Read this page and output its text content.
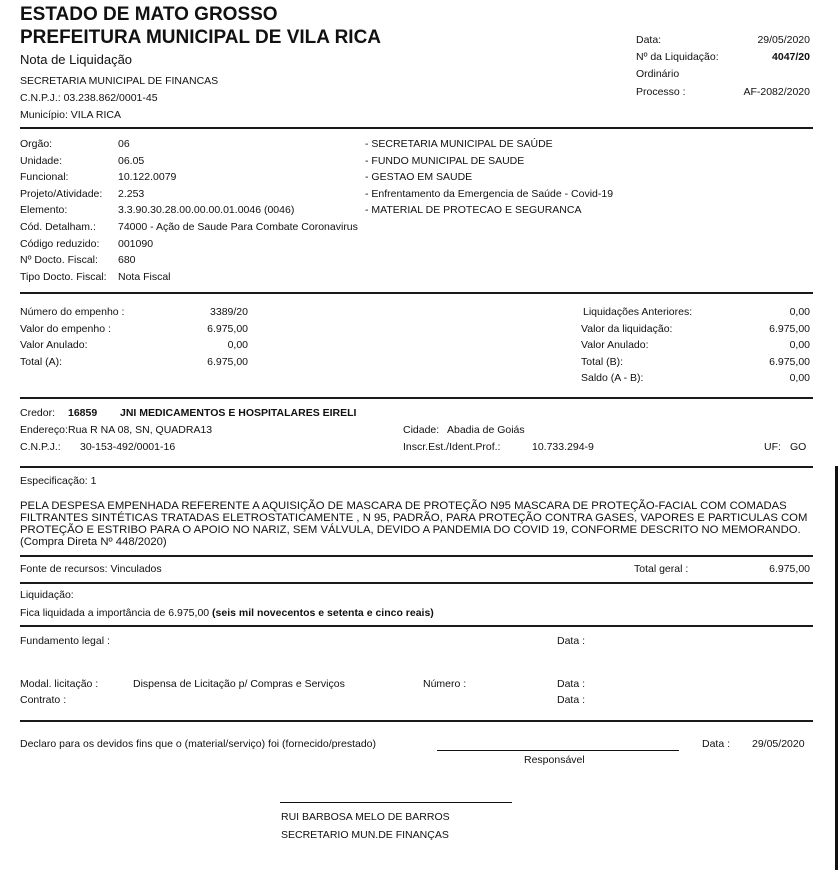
ESTADO DE MATO GROSSO
PREFEITURA MUNICIPAL DE VILA RICA
Nota de Liquidação
SECRETARIA MUNICIPAL DE FINANCAS
C.N.P.J.: 03.238.862/0001-45
Município: VILA RICA
Data:	29/05/2020
Nº da Liquidação:	4047/20
Ordinário
Processo :	AF-2082/2020
Orgão:	06	- SECRETARIA MUNICIPAL DE SAÚDE
Unidade:	06.05	- FUNDO MUNICIPAL DE SAUDE
Funcional:	10.122.0079	- GESTAO EM SAUDE
Projeto/Atividade: 2.253	- Enfrentamento da Emergencia de Saúde - Covid-19
Elemento:	3.3.90.30.28.00.00.00.01.0046 (0046)	- MATERIAL DE PROTECAO E SEGURANCA
Cód. Detalham.: 74000 - Ação de Saude Para Combate Coronavirus
Código reduzido: 001090
Nº Docto. Fiscal: 680
Tipo Docto. Fiscal: Nota Fiscal
Número do empenho :	3389/20
Valor do empenho :	6.975,00
Valor Anulado:	0,00
Total (A):	6.975,00
Liquidações Anteriores:	0,00
Valor da liquidação:	6.975,00
Valor Anulado:	0,00
Total (B):	6.975,00
Saldo (A - B):	0,00
Credor: 16859 JNI MEDICAMENTOS E HOSPITALARES EIRELI
Endereço: Rua R NA 08, SN, QUADRA13	Cidade: Abadia de Goiás
C.N.P.J.: 30-153-492/0001-16	Inscr.Est./Ident.Prof.:	10.733.294-9	UF: GO
Especificação: 1
PELA DESPESA EMPENHADA REFERENTE A AQUISIÇÃO DE MASCARA DE PROTEÇÃO N95 MASCARA DE PROTEÇÃO-FACIAL COM COMADAS FILTRANTES SINTÉTICAS TRATADAS ELETROSTATICAMENTE , N 95, PADRÃO, PARA PROTEÇÃO CONTRA GASES, VAPORES E PARTICULAS COM PROTEÇÃO E ESTRIBO PARA O APOIO NO NARIZ, SEM VÁLVULA, DEVIDO A PANDEMIA DO COVID 19, CONFORME DESCRITO NO MEMORANDO. (Compra Direta Nº 448/2020)
Fonte de recursos: Vinculados	Total geral :	6.975,00
Liquidação:
Fica liquidada a importância de 6.975,00 (seis mil novecentos e setenta e cinco reais)
Fundamento legal :	Data :
Modal. licitação :	Dispensa de Licitação p/ Compras e Serviços	Número :	Data :
Contrato :	Data :
Declaro para os devidos fins que o (material/serviço) foi (fornecido/prestado)
Responsável
Data : 29/05/2020
RUI BARBOSA MELO DE BARROS
SECRETARIO MUN.DE FINANÇAS
